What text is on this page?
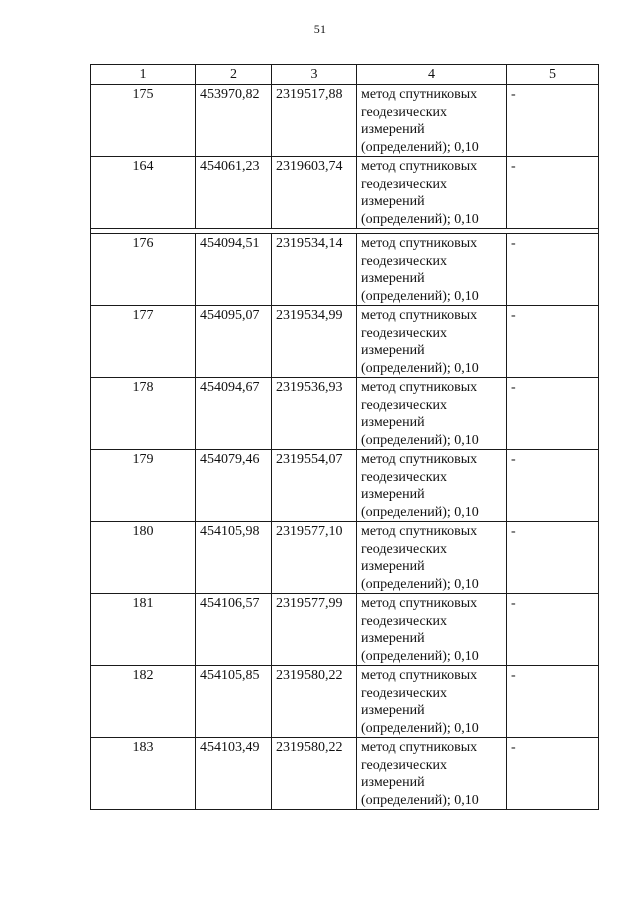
51
1	2	3	4	5
175	453970,82	2319517,88	метод спутниковых
геодезических
измерений
(определений); 0,10	-
164	454061,23	2319603,74	метод спутниковых
геодезических
измерений
(определений); 0,10	-

176	454094,51	2319534,14	метод спутниковых
геодезических
измерений
(определений); 0,10	-
177	454095,07	2319534,99	метод спутниковых
геодезических
измерений
(определений); 0,10	-
178	454094,67	2319536,93	метод спутниковых
геодезических
измерений
(определений); 0,10	-
179	454079,46	2319554,07	метод спутниковых
геодезических
измерений
(определений); 0,10	-
180	454105,98	2319577,10	метод спутниковых
геодезических
измерений
(определений); 0,10	-
181	454106,57	2319577,99	метод спутниковых
геодезических
измерений
(определений); 0,10	-
182	454105,85	2319580,22	метод спутниковых
геодезических
измерений
(определений); 0,10	-
183	454103,49	2319580,22	метод спутниковых
геодезических
измерений
(определений); 0,10	-
